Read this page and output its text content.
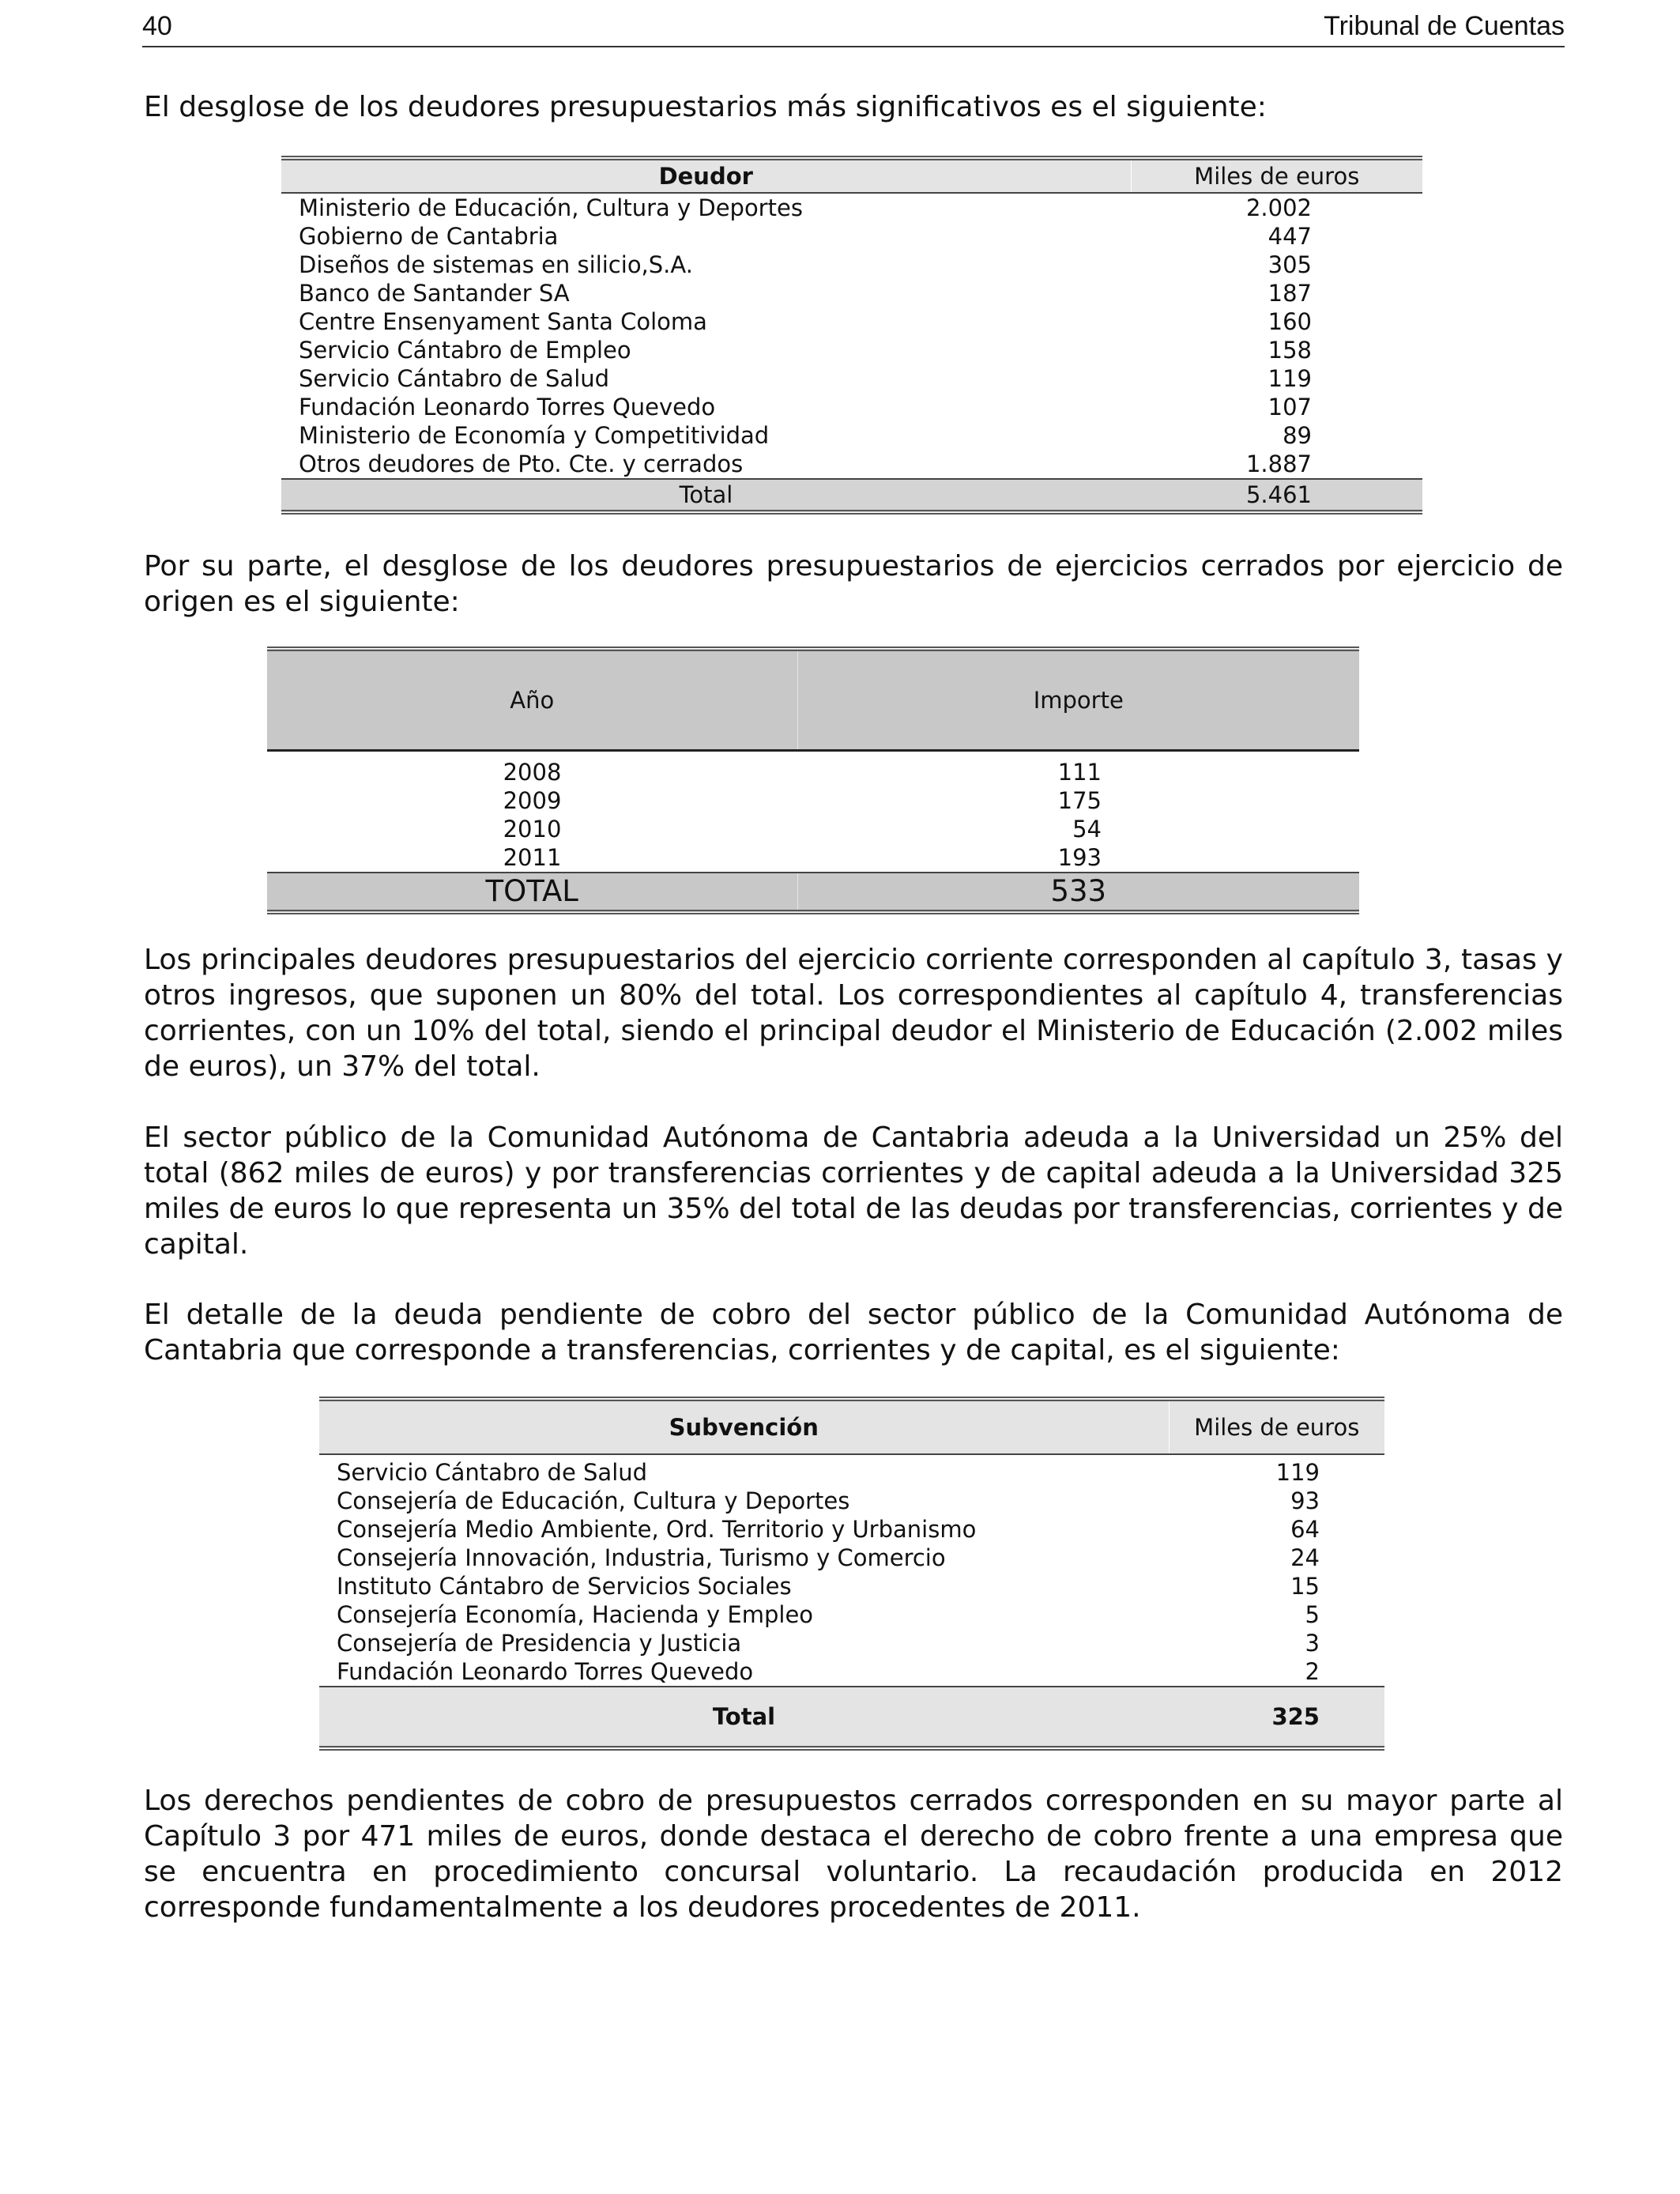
40	Tribunal de Cuentas

El desglose de los deudores presupuestarios más significativos es el siguiente:

Deudor	Miles de euros
Ministerio de Educación, Cultura y Deportes	2.002
Gobierno de Cantabria	447
Diseños de sistemas en silicio,S.A.	305
Banco de Santander SA	187
Centre Ensenyament Santa Coloma	160
Servicio Cántabro de Empleo	158
Servicio Cántabro de Salud	119
Fundación Leonardo Torres Quevedo	107
Ministerio de Economía y Competitividad	89
Otros deudores de Pto. Cte. y cerrados	1.887
Total	5.461

Por su parte, el desglose de los deudores presupuestarios de ejercicios cerrados por ejercicio de origen es el siguiente:

Año	Importe
2008	111
2009	175
2010	54
2011	193
TOTAL	533

Los principales deudores presupuestarios del ejercicio corriente corresponden al capítulo 3, tasas y otros ingresos, que suponen un 80% del total. Los correspondientes al capítulo 4, transferencias corrientes, con un 10% del total, siendo el principal deudor el Ministerio de Educación (2.002 miles de euros), un 37% del total.

El sector público de la Comunidad Autónoma de Cantabria adeuda a la Universidad un 25% del total (862 miles de euros) y por transferencias corrientes y de capital adeuda a la Universidad 325 miles de euros lo que representa un 35% del total de las deudas por transferencias, corrientes y de capital.

El detalle de la deuda pendiente de cobro del sector público de la Comunidad Autónoma de Cantabria que corresponde a transferencias, corrientes y de capital, es el siguiente:

Subvención	Miles de euros
Servicio Cántabro de Salud	119
Consejería de Educación, Cultura y Deportes	93
Consejería Medio Ambiente, Ord. Territorio y Urbanismo	64
Consejería Innovación, Industria, Turismo y Comercio	24
Instituto Cántabro de Servicios Sociales	15
Consejería Economía, Hacienda y Empleo	5
Consejería de Presidencia y Justicia	3
Fundación Leonardo Torres Quevedo	2
Total	325

Los derechos pendientes de cobro de presupuestos cerrados corresponden en su mayor parte al Capítulo 3 por 471 miles de euros, donde destaca el derecho de cobro frente a una empresa que se encuentra en procedimiento concursal voluntario. La recaudación producida en 2012 corresponde fundamentalmente a los deudores procedentes de 2011.
